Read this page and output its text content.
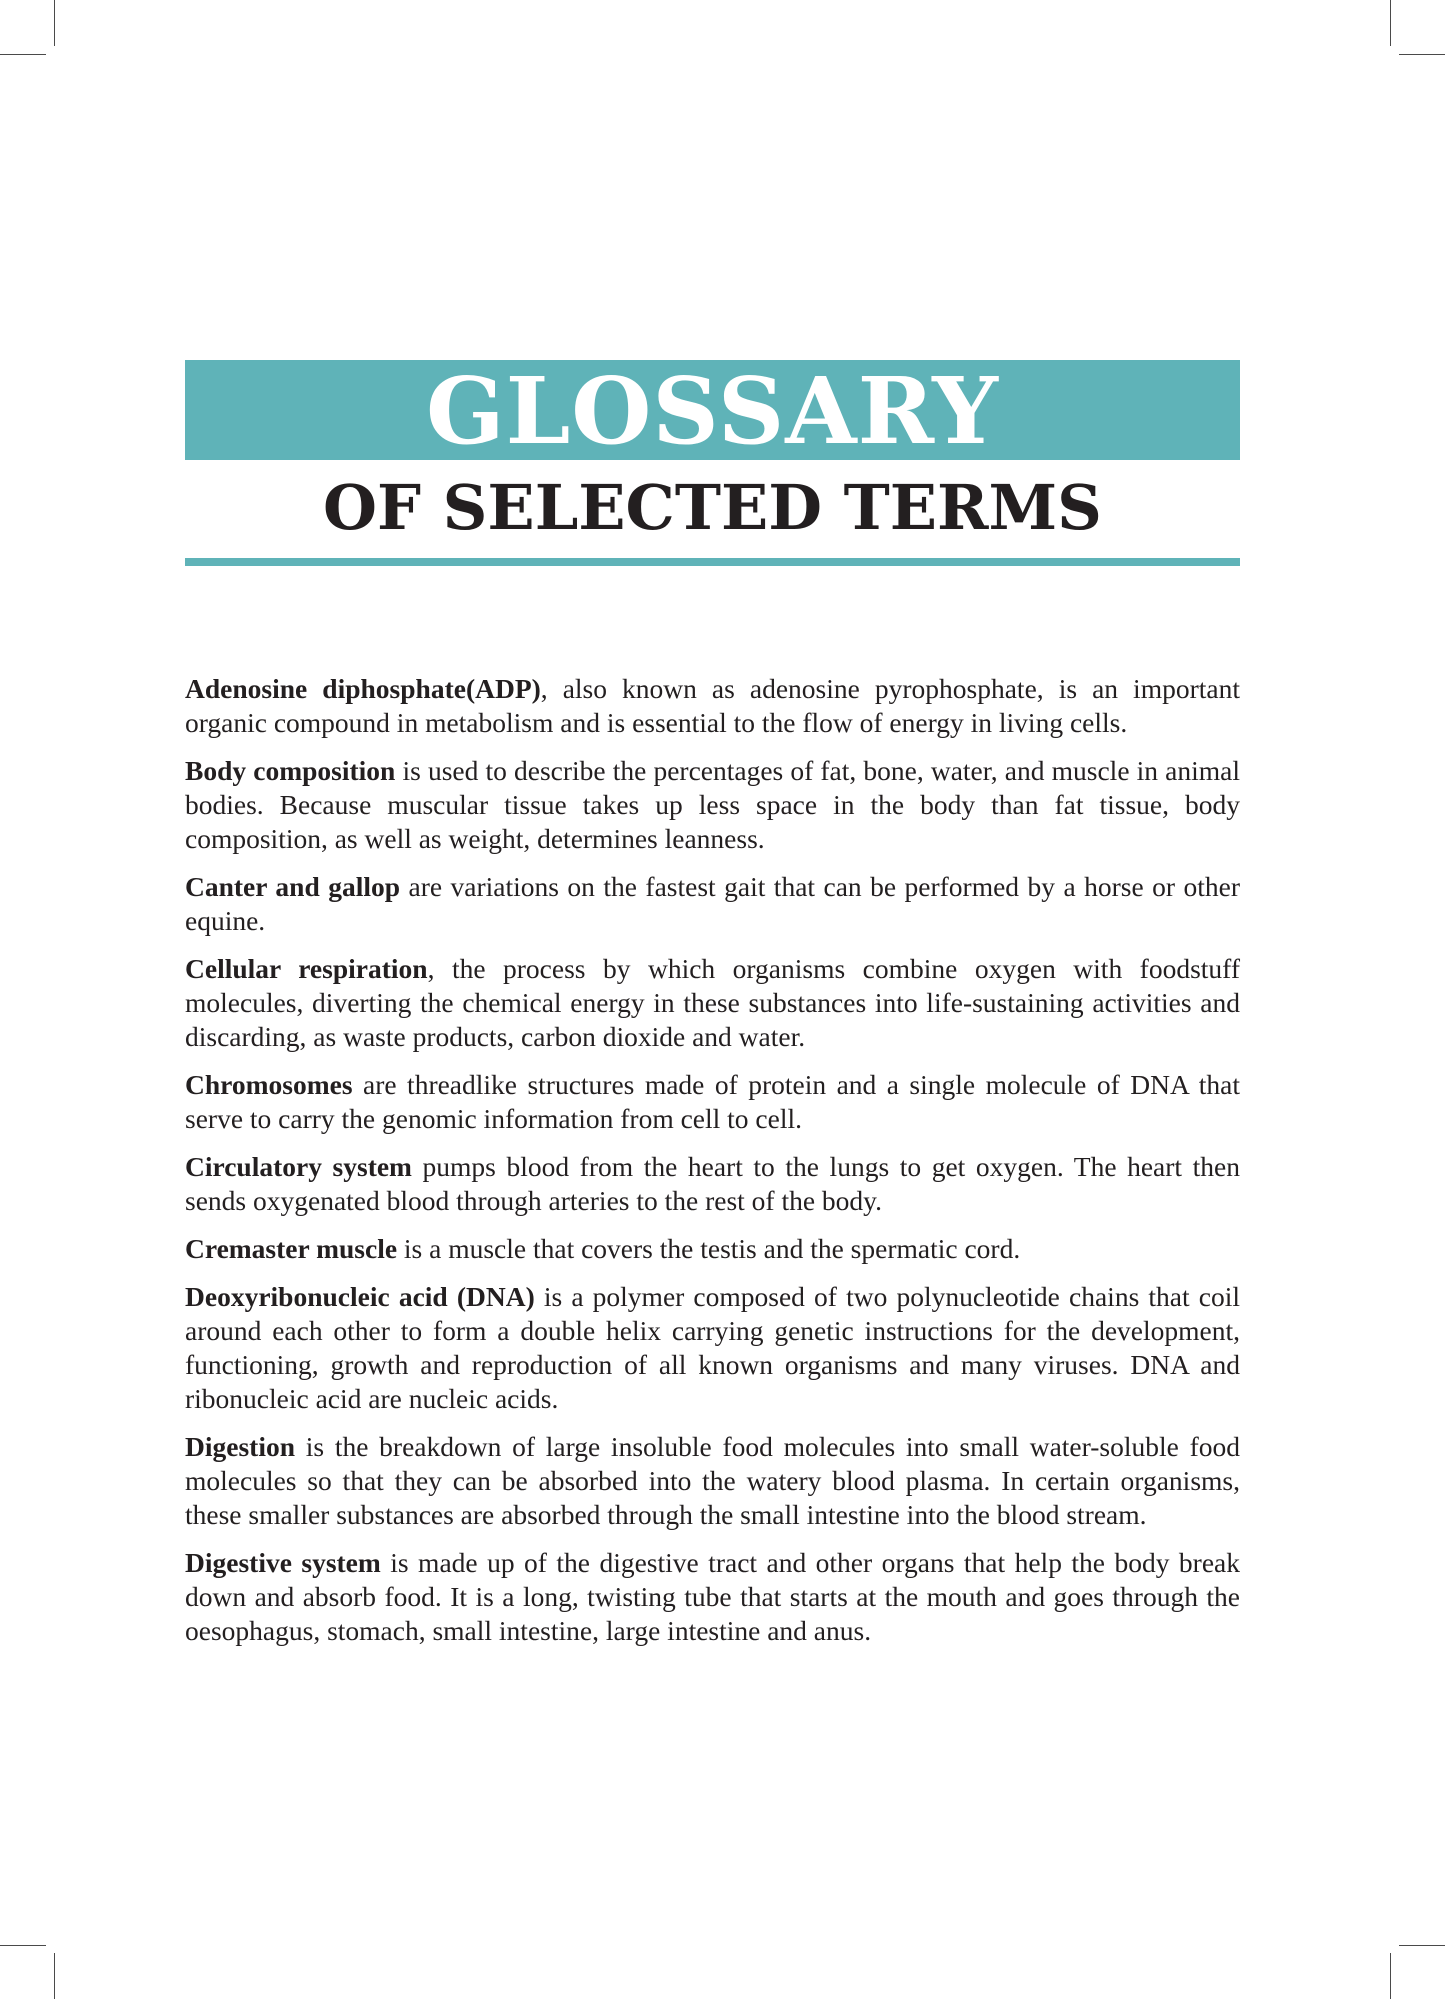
GLOSSARY
OF SELECTED TERMS

Adenosine diphosphate(ADP), also known as adenosine pyrophosphate, is an important organic compound in metabolism and is essential to the flow of energy in living cells.

Body composition is used to describe the percentages of fat, bone, water, and muscle in animal bodies. Because muscular tissue takes up less space in the body than fat tissue, body composition, as well as weight, determines leanness.

Canter and gallop are variations on the fastest gait that can be performed by a horse or other equine.

Cellular respiration, the process by which organisms combine oxygen with foodstuff molecules, diverting the chemical energy in these substances into life-sustaining activities and discarding, as waste products, carbon dioxide and water.

Chromosomes are threadlike structures made of protein and a single molecule of DNA that serve to carry the genomic information from cell to cell.

Circulatory system pumps blood from the heart to the lungs to get oxygen. The heart then sends oxygenated blood through arteries to the rest of the body.

Cremaster muscle is a muscle that covers the testis and the spermatic cord.

Deoxyribonucleic acid (DNA) is a polymer composed of two polynucleotide chains that coil around each other to form a double helix carrying genetic instructions for the development, functioning, growth and reproduction of all known organisms and many viruses. DNA and ribonucleic acid are nucleic acids.

Digestion is the breakdown of large insoluble food molecules into small water-soluble food molecules so that they can be absorbed into the watery blood plasma. In certain organisms, these smaller substances are absorbed through the small intestine into the blood stream.

Digestive system is made up of the digestive tract and other organs that help the body break down and absorb food. It is a long, twisting tube that starts at the mouth and goes through the oesophagus, stomach, small intestine, large intestine and anus.
